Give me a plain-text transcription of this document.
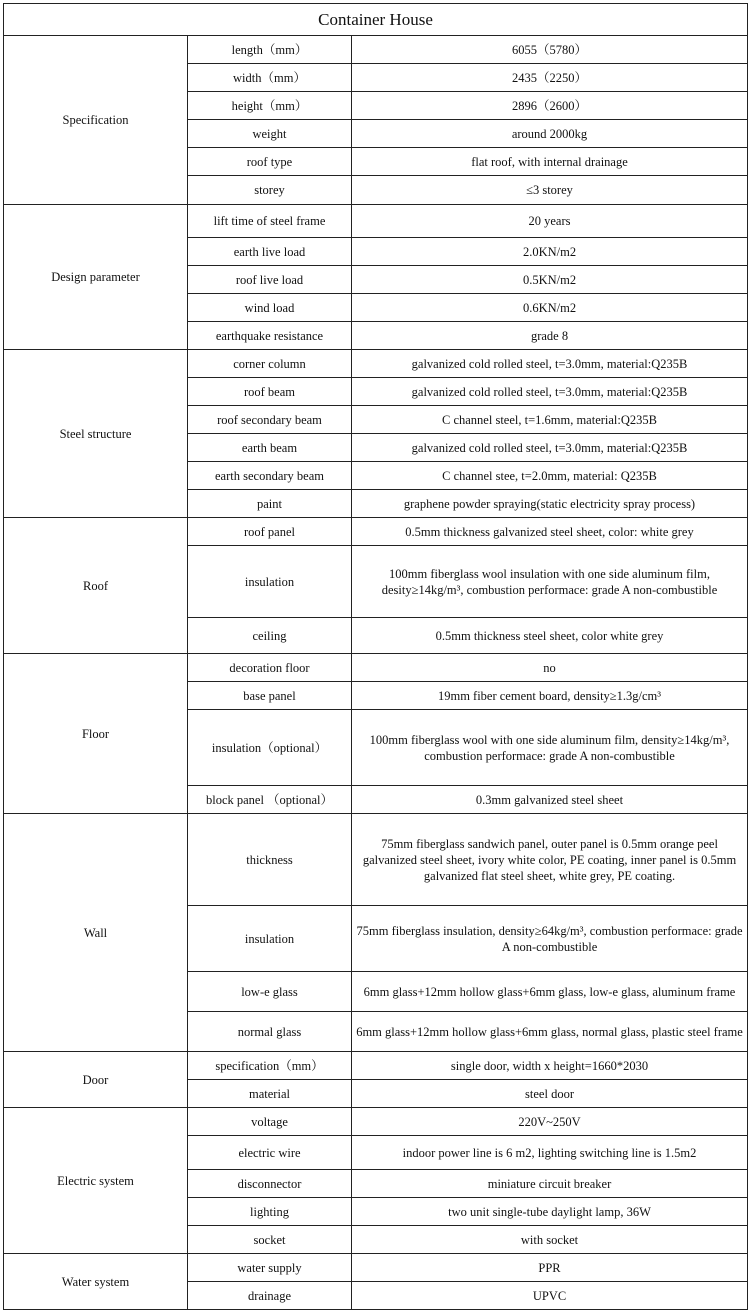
Container House		
Specification	length（mm）	6055（5780）
	width（mm）	2435（2250）
	height（mm）	2896（2600）
	weight	around 2000kg
	roof type	flat roof, with internal drainage
	storey	≤3 storey
Design parameter	lift time of steel frame	20 years
	earth live load	2.0KN/m2
	roof live load	0.5KN/m2
	wind load	0.6KN/m2
	earthquake resistance	grade 8
Steel structure	corner column	galvanized cold rolled steel, t=3.0mm, material:Q235B
	roof beam	galvanized cold rolled steel, t=3.0mm, material:Q235B
	roof secondary beam	C channel steel, t=1.6mm, material:Q235B
	earth beam	galvanized cold rolled steel, t=3.0mm, material:Q235B
	earth secondary beam	C channel stee, t=2.0mm, material: Q235B
	paint	graphene powder spraying(static electricity spray process)
Roof	roof panel	0.5mm thickness galvanized steel sheet, color: white grey
	insulation	100mm fiberglass wool insulation with one side aluminum film, desity≥14kg/m³, combustion performace: grade A non-combustible
	ceiling	0.5mm thickness steel sheet, color white grey
Floor	decoration floor	no
	base panel	19mm fiber cement board, density≥1.3g/cm³
	insulation（optional）	100mm fiberglass wool with one side aluminum film, density≥14kg/m³, combustion performace: grade A non-combustible
	block panel （optional）	0.3mm galvanized steel sheet
Wall	thickness	75mm fiberglass sandwich panel, outer panel is 0.5mm orange peel galvanized steel sheet, ivory white color, PE coating, inner panel is 0.5mm galvanized flat steel sheet, white grey, PE coating.
	insulation	75mm fiberglass insulation, density≥64kg/m³, combustion performace: grade A non-combustible
	low-e glass	6mm glass+12mm hollow glass+6mm glass, low-e glass, aluminum frame
	normal glass	6mm glass+12mm hollow glass+6mm glass, normal glass, plastic steel frame
Door	specification（mm）	single door, width x height=1660*2030
	material	steel door
Electric system	voltage	220V~250V
	electric wire	indoor power line is 6 m2, lighting switching line is 1.5m2
	disconnector	miniature circuit breaker
	lighting	two unit single-tube daylight lamp, 36W
	socket	with socket
Water system	water supply	PPR
	drainage	UPVC
